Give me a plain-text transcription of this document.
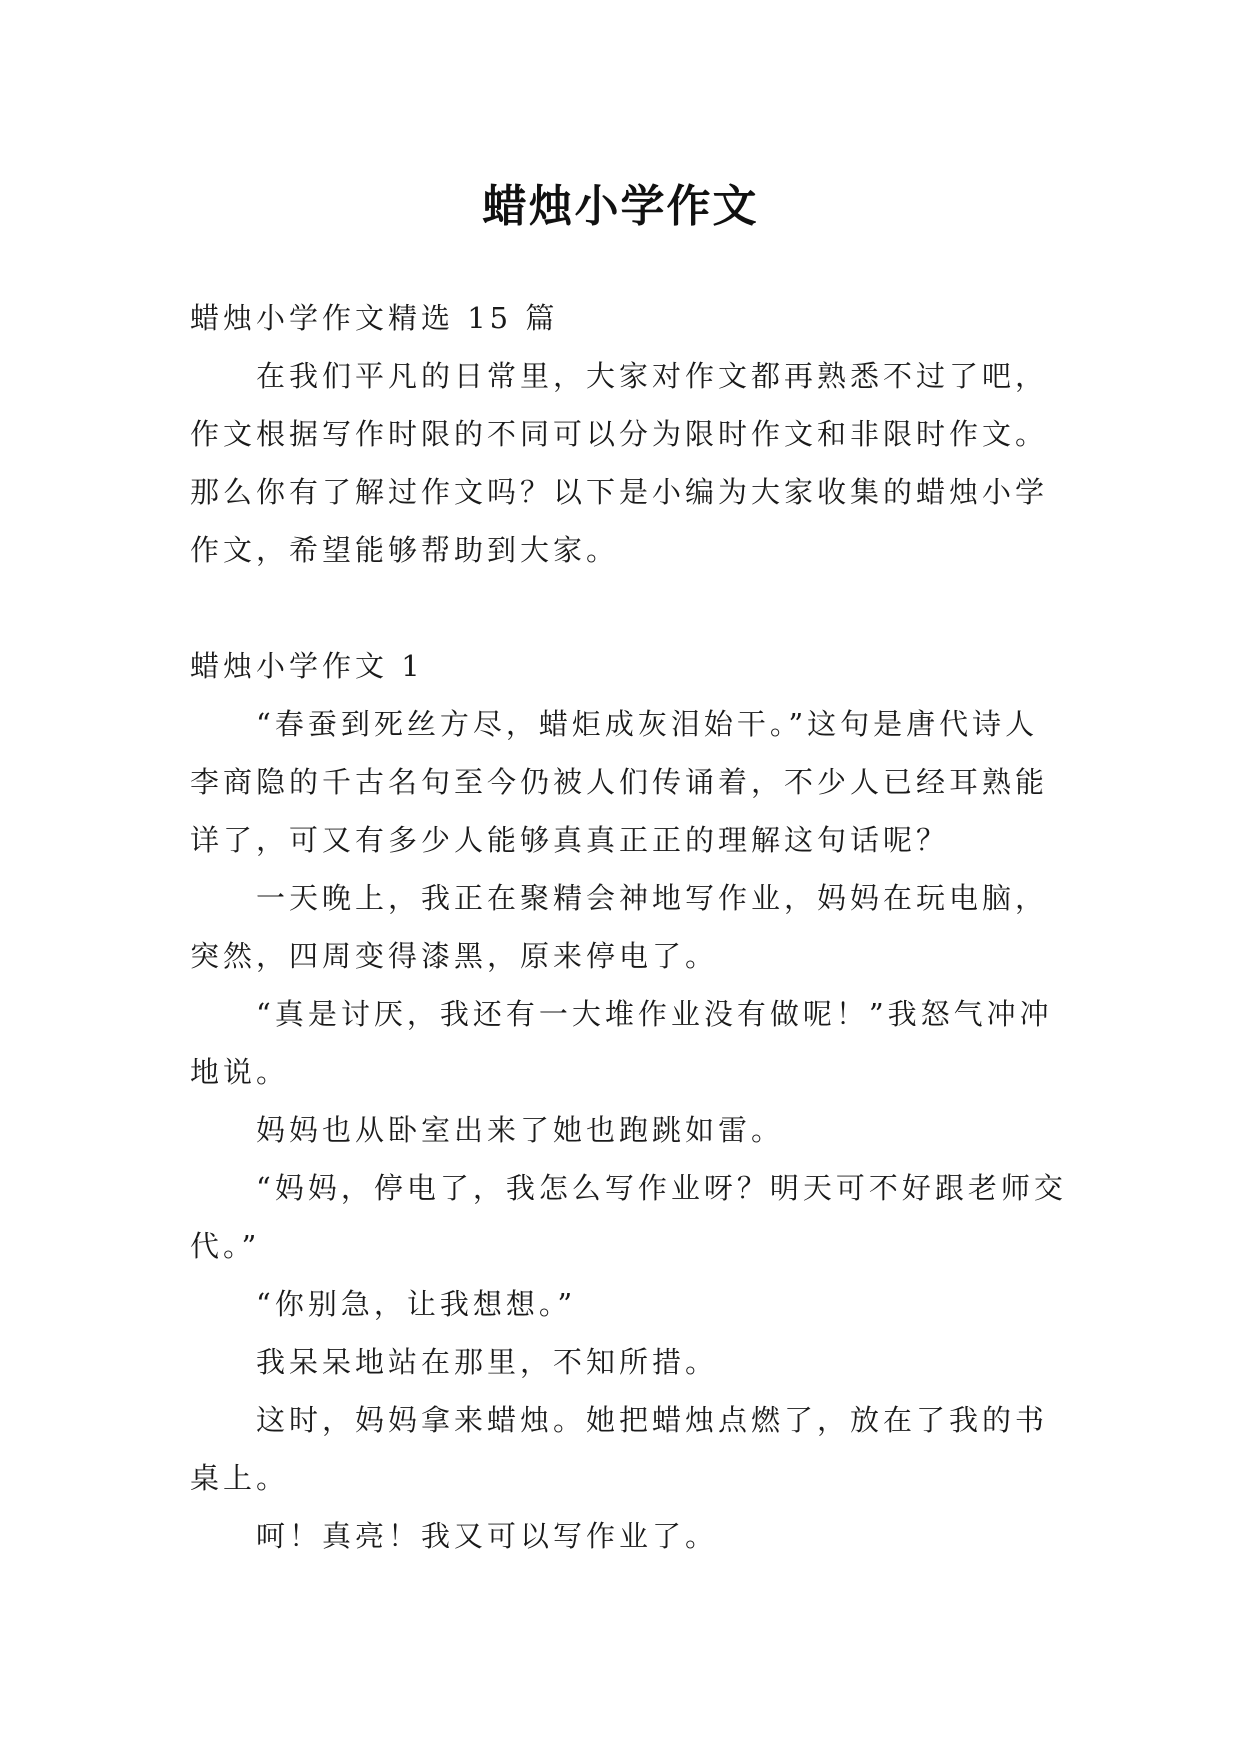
蜡烛小学作文

蜡烛小学作文精选 15 篇

在我们平凡的日常里，大家对作文都再熟悉不过了吧，作文根据写作时限的不同可以分为限时作文和非限时作文。那么你有了解过作文吗？以下是小编为大家收集的蜡烛小学作文，希望能够帮助到大家。

蜡烛小学作文 1

“春蚕到死丝方尽，蜡炬成灰泪始干。”这句是唐代诗人李商隐的千古名句至今仍被人们传诵着，不少人已经耳熟能详了，可又有多少人能够真真正正的理解这句话呢？

一天晚上，我正在聚精会神地写作业，妈妈在玩电脑，突然，四周变得漆黑，原来停电了。

“真是讨厌，我还有一大堆作业没有做呢！”我怒气冲冲地说。

妈妈也从卧室出来了她也跑跳如雷。

“妈妈，停电了，我怎么写作业呀？明天可不好跟老师交代。”

“你别急，让我想想。”

我呆呆地站在那里，不知所措。

这时，妈妈拿来蜡烛。她把蜡烛点燃了，放在了我的书桌上。

呵！真亮！我又可以写作业了。
